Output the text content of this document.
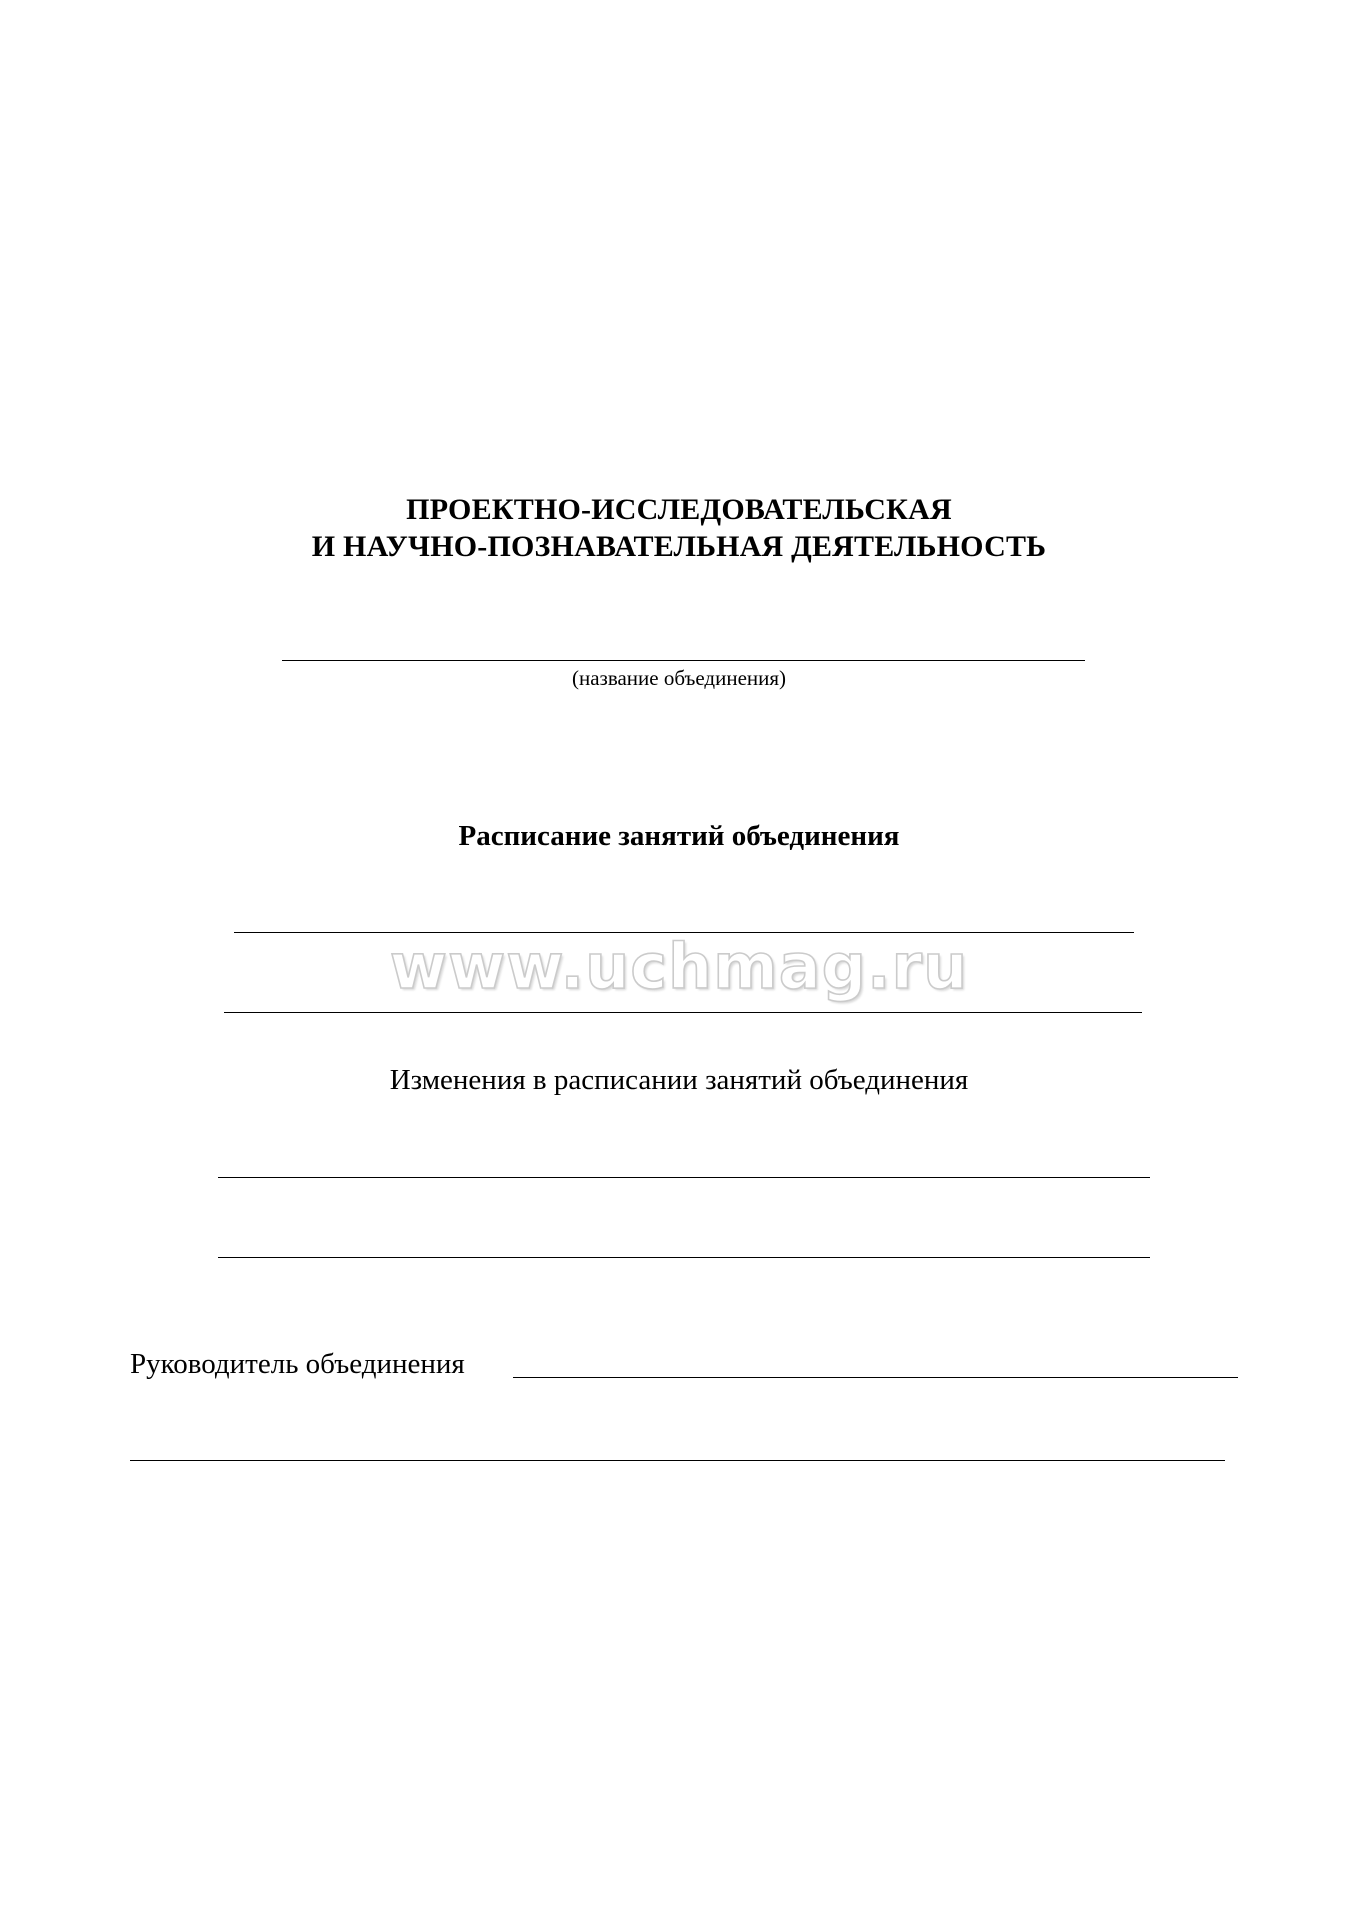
ПРОЕКТНО-ИССЛЕДОВАТЕЛЬСКАЯ
И НАУЧНО-ПОЗНАВАТЕЛЬНАЯ ДЕЯТЕЛЬНОСТЬ
(название объединения)
Расписание занятий объединения
www.uchmag.ru
Изменения в расписании занятий объединения
Руководитель объединения
